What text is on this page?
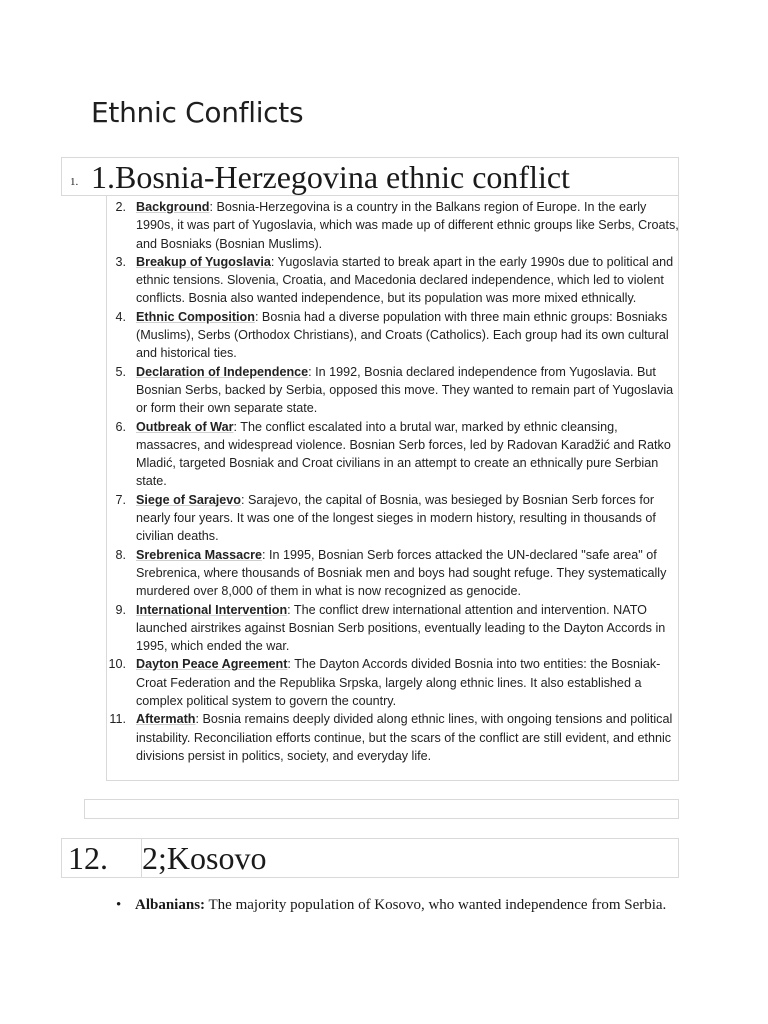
Ethnic Conflicts
1. 1.Bosnia-Herzegovina ethnic conflict
2. Background: Bosnia-Herzegovina is a country in the Balkans region of Europe. In the early 1990s, it was part of Yugoslavia, which was made up of different ethnic groups like Serbs, Croats, and Bosniaks (Bosnian Muslims).
3. Breakup of Yugoslavia: Yugoslavia started to break apart in the early 1990s due to political and ethnic tensions. Slovenia, Croatia, and Macedonia declared independence, which led to violent conflicts. Bosnia also wanted independence, but its population was more mixed ethnically.
4. Ethnic Composition: Bosnia had a diverse population with three main ethnic groups: Bosniaks (Muslims), Serbs (Orthodox Christians), and Croats (Catholics). Each group had its own cultural and historical ties.
5. Declaration of Independence: In 1992, Bosnia declared independence from Yugoslavia. But Bosnian Serbs, backed by Serbia, opposed this move. They wanted to remain part of Yugoslavia or form their own separate state.
6. Outbreak of War: The conflict escalated into a brutal war, marked by ethnic cleansing, massacres, and widespread violence. Bosnian Serb forces, led by Radovan Karadžić and Ratko Mladić, targeted Bosniak and Croat civilians in an attempt to create an ethnically pure Serbian state.
7. Siege of Sarajevo: Sarajevo, the capital of Bosnia, was besieged by Bosnian Serb forces for nearly four years. It was one of the longest sieges in modern history, resulting in thousands of civilian deaths.
8. Srebrenica Massacre: In 1995, Bosnian Serb forces attacked the UN-declared "safe area" of Srebrenica, where thousands of Bosniak men and boys had sought refuge. They systematically murdered over 8,000 of them in what is now recognized as genocide.
9. International Intervention: The conflict drew international attention and intervention. NATO launched airstrikes against Bosnian Serb positions, eventually leading to the Dayton Accords in 1995, which ended the war.
10. Dayton Peace Agreement: The Dayton Accords divided Bosnia into two entities: the Bosniak-Croat Federation and the Republika Srpska, largely along ethnic lines. It also established a complex political system to govern the country.
11. Aftermath: Bosnia remains deeply divided along ethnic lines, with ongoing tensions and political instability. Reconciliation efforts continue, but the scars of the conflict are still evident, and ethnic divisions persist in politics, society, and everyday life.
12. 2;Kosovo
• Albanians: The majority population of Kosovo, who wanted independence from Serbia.
